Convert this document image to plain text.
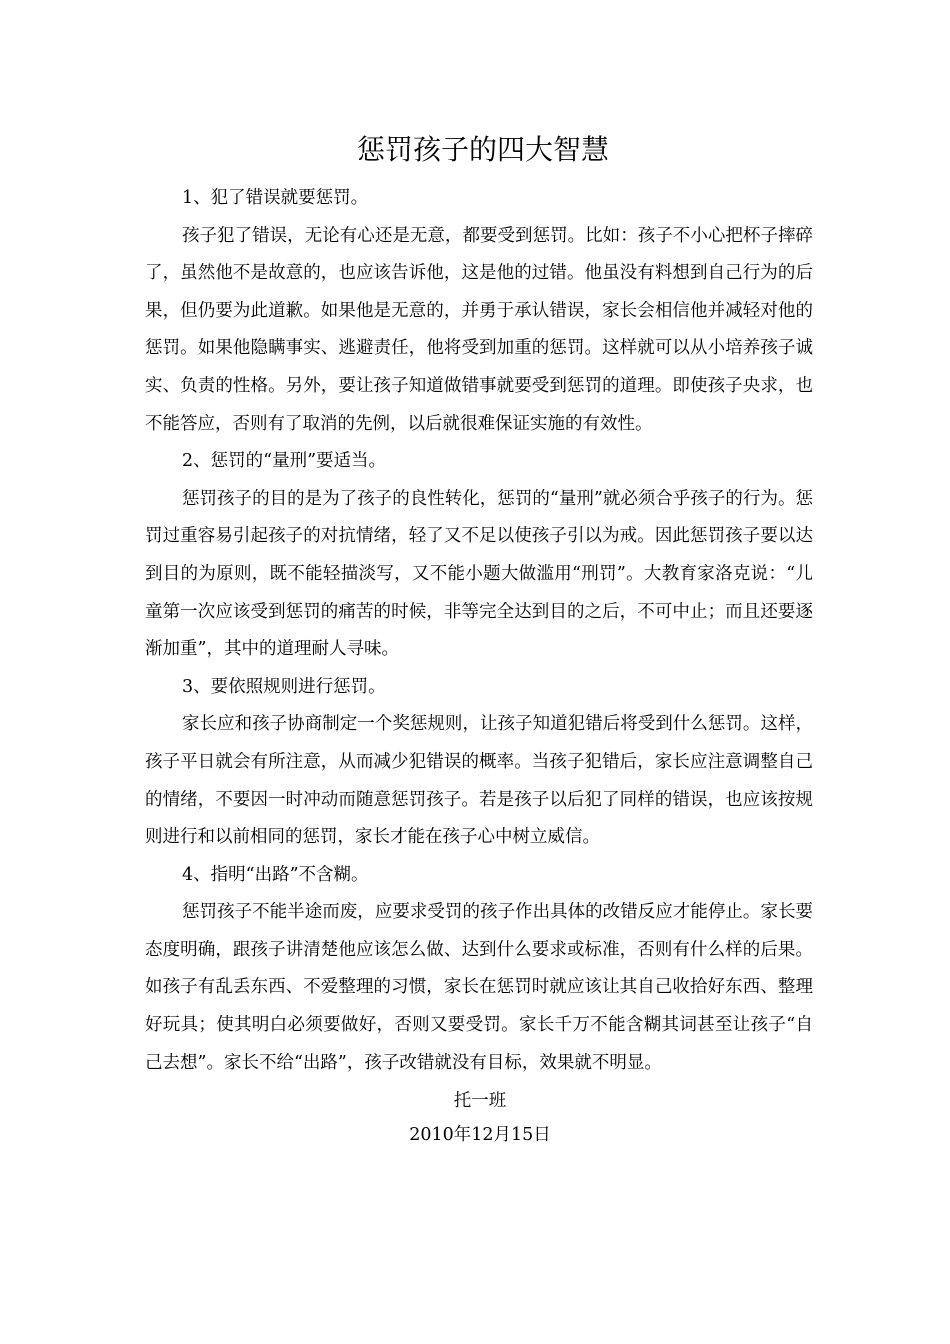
惩罚孩子的四大智慧

1、犯了错误就要惩罚。

孩子犯了错误，无论有心还是无意，都要受到惩罚。比如：孩子不小心把杯子摔碎了，虽然他不是故意的，也应该告诉他，这是他的过错。他虽没有料想到自己行为的后果，但仍要为此道歉。如果他是无意的，并勇于承认错误，家长会相信他并减轻对他的惩罚。如果他隐瞒事实、逃避责任，他将受到加重的惩罚。这样就可以从小培养孩子诚实、负责的性格。另外，要让孩子知道做错事就要受到惩罚的道理。即使孩子央求，也不能答应，否则有了取消的先例，以后就很难保证实施的有效性。

2、惩罚的“量刑”要适当。

惩罚孩子的目的是为了孩子的良性转化，惩罚的“量刑”就必须合乎孩子的行为。惩罚过重容易引起孩子的对抗情绪，轻了又不足以使孩子引以为戒。因此惩罚孩子要以达到目的为原则，既不能轻描淡写，又不能小题大做滥用“刑罚”。大教育家洛克说：“儿童第一次应该受到惩罚的痛苦的时候，非等完全达到目的之后，不可中止；而且还要逐渐加重”，其中的道理耐人寻味。

3、要依照规则进行惩罚。

家长应和孩子协商制定一个奖惩规则，让孩子知道犯错后将受到什么惩罚。这样，孩子平日就会有所注意，从而减少犯错误的概率。当孩子犯错后，家长应注意调整自己的情绪，不要因一时冲动而随意惩罚孩子。若是孩子以后犯了同样的错误，也应该按规则进行和以前相同的惩罚，家长才能在孩子心中树立威信。

4、指明“出路”不含糊。

惩罚孩子不能半途而废，应要求受罚的孩子作出具体的改错反应才能停止。家长要态度明确，跟孩子讲清楚他应该怎么做、达到什么要求或标准，否则有什么样的后果。如孩子有乱丢东西、不爱整理的习惯，家长在惩罚时就应该让其自己收拾好东西、整理好玩具；使其明白必须要做好，否则又要受罚。家长千万不能含糊其词甚至让孩子“自己去想”。家长不给“出路”，孩子改错就没有目标，效果就不明显。

托一班

2010年12月15日
